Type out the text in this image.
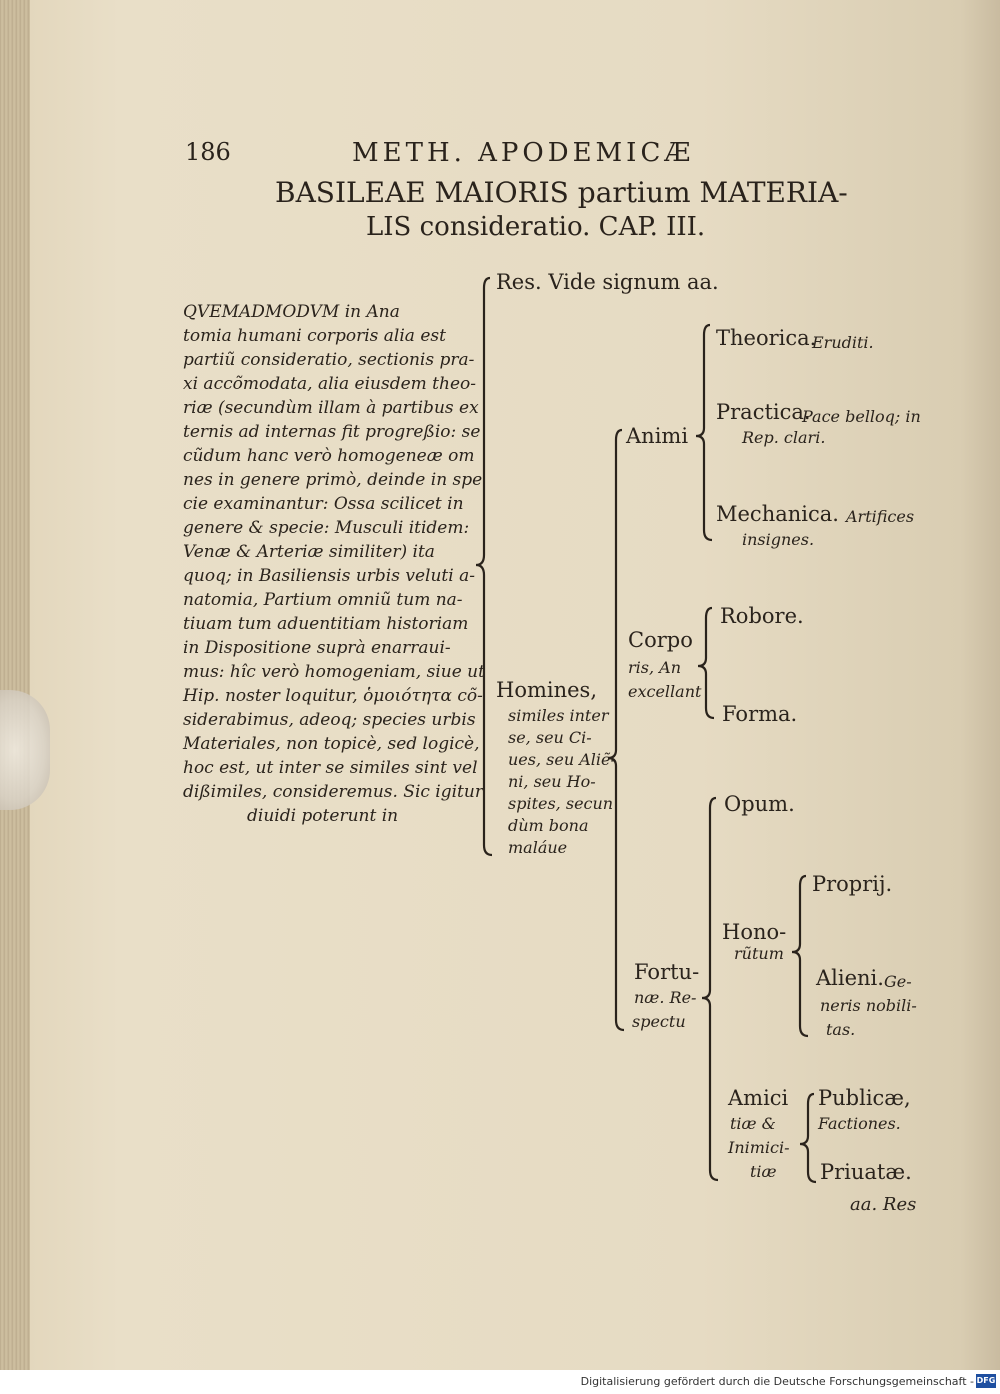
186	METH. APODEMICÆ
BASILEAE MAIORIS partium MATERIA-
LIS consideratio. CAP. III.
QVEMADMODVM in Ana
tomia humani corporis alia est
partiũ consideratio, sectionis pra-
xi accõmodata, alia eiusdem theo-
riæ (secundùm illam à partibus ex
ternis ad internas fit progreßio: se
cũdum hanc verò homogeneæ om
nes in genere primò, deinde in spe
cie examinantur: Ossa scilicet in
genere & specie: Musculi itidem:
Venæ & Arteriæ similiter) ita
quoq; in Basiliensis urbis veluti a-
natomia, Partium omniũ tum na-
tiuam tum aduentitiam historiam
in Dispositione suprà enarraui-
mus: hîc verò homogeniam, siue ut
Hip. noster loquitur, ὁμοιότητα cõ-
siderabimus, adeoq; species urbis
Materiales, non topicè, sed logicè,
hoc est, ut inter se similes sint vel
dißimiles, consideremus. Sic igitur
diuidi poterunt in
Res. Vide signum aa.
Homines,
similes inter
se, seu Ci-
ues, seu Aliẽ-
ni, seu Ho-
spites, secun
dùm bona
maláue
Animi
Theorica.
Eruditi.
Practica.
Pace belloq; in
Rep. clari.
Mechanica. Artifices
insignes.
Corpo
ris, An
excellant
Robore.
Forma.
Fortu-
næ. Re-
spectu
Opum.
Hono-
rũtum
Proprij.
Alieni. Ge-
neris nobili-
tas.
Amici
tiæ &
Inimici-
tiæ
Publicæ,
Factiones.
Priuatæ.
aa. Res
Digitalisierung gefördert durch die Deutsche Forschungsgemeinschaft - DFG
